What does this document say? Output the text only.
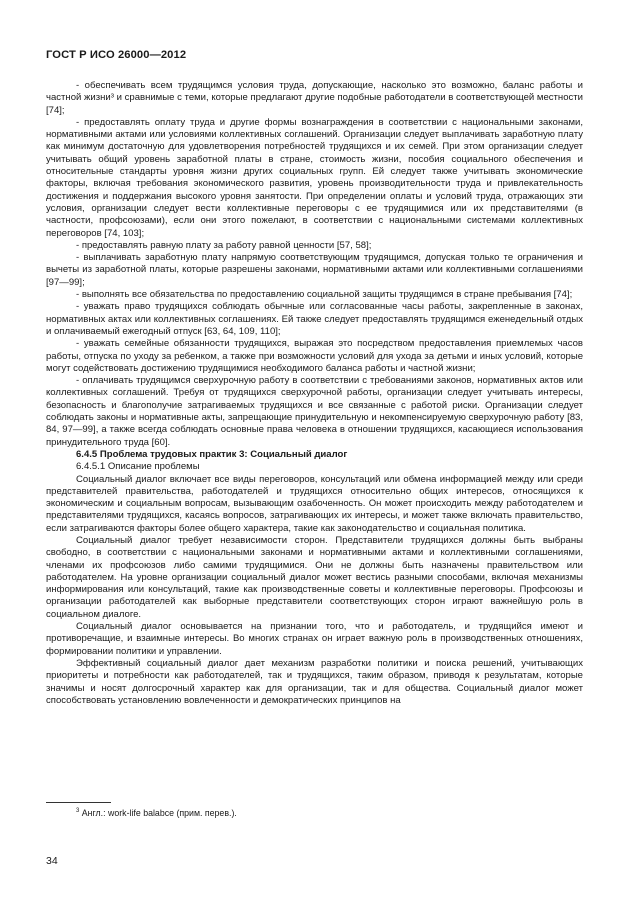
ГОСТ Р ИСО 26000—2012

- обеспечивать всем трудящимся условия труда, допускающие, насколько это возможно, баланс работы и частной жизни³ и сравнимые с теми, которые предлагают другие подобные работодатели в соответствующей местности [74];

- предоставлять оплату труда и другие формы вознаграждения в соответствии с национальными законами, нормативными актами или условиями коллективных соглашений. Организации следует выплачивать заработную плату как минимум достаточную для удовлетворения потребностей трудящихся и их семей. При этом организации следует учитывать общий уровень заработной платы в стране, стоимость жизни, пособия социального обеспечения и относительные стандарты уровня жизни других социальных групп. Ей следует также учитывать экономические факторы, включая требования экономического развития, уровень производительности труда и привлекательность достижения и поддержания высокого уровня занятости. При определении оплаты и условий труда, отражающих эти условия, организации следует вести коллективные переговоры с ее трудящимися или их представителями (в частности, профсоюзами), если они этого пожелают, в соответствии с национальными системами коллективных переговоров [74, 103];

- предоставлять равную плату за работу равной ценности [57, 58];

- выплачивать заработную плату напрямую соответствующим трудящимся, допуская только те ограничения и вычеты из заработной платы, которые разрешены законами, нормативными актами или коллективными соглашениями [97—99];

- выполнять все обязательства по предоставлению социальной защиты трудящимся в стране пребывания [74];

- уважать право трудящихся соблюдать обычные или согласованные часы работы, закрепленные в законах, нормативных актах или коллективных соглашениях. Ей также следует предоставлять трудящимся еженедельный отдых и оплачиваемый ежегодный отпуск [63, 64, 109, 110];

- уважать семейные обязанности трудящихся, выражая это посредством предоставления приемлемых часов работы, отпуска по уходу за ребенком, а также при возможности условий для ухода за детьми и иных условий, которые могут содействовать достижению трудящимися необходимого баланса работы и частной жизни;

- оплачивать трудящимся сверхурочную работу в соответствии с требованиями законов, нормативных актов или коллективных соглашений. Требуя от трудящихся сверхурочной работы, организации следует учитывать интересы, безопасность и благополучие затрагиваемых трудящихся и все связанные с работой риски. Организации следует соблюдать законы и нормативные акты, запрещающие принудительную и некомпенсируемую сверхурочную работу [83, 84, 97—99], а также всегда соблюдать основные права человека в отношении трудящихся, касающиеся использования принудительного труда [60].

6.4.5 Проблема трудовых практик 3: Социальный диалог

6.4.5.1 Описание проблемы

Социальный диалог включает все виды переговоров, консультаций или обмена информацией между или среди представителей правительства, работодателей и трудящихся относительно общих интересов, относящихся к экономическим и социальным вопросам, вызывающим озабоченность. Он может происходить между работодателем и представителями трудящихся, касаясь вопросов, затрагивающих их интересы, и может также включать правительство, если затрагиваются факторы более общего характера, такие как законодательство и социальная политика.

Социальный диалог требует независимости сторон. Представители трудящихся должны быть выбраны свободно, в соответствии с национальными законами и нормативными актами и коллективными соглашениями, членами их профсоюзов либо самими трудящимися. Они не должны быть назначены правительством или работодателем. На уровне организации социальный диалог может вестись разными способами, включая механизмы информирования или консультаций, такие как производственные советы и коллективные переговоры. Профсоюзы и организации работодателей как выборные представители соответствующих сторон играют важнейшую роль в социальном диалоге.

Социальный диалог основывается на признании того, что и работодатель, и трудящийся имеют и противоречащие, и взаимные интересы. Во многих странах он играет важную роль в производственных отношениях, формировании политики и управлении.

Эффективный социальный диалог дает механизм разработки политики и поиска решений, учитывающих приоритеты и потребности как работодателей, так и трудящихся, таким образом, приводя к результатам, которые значимы и носят долгосрочный характер как для организации, так и для общества. Социальный диалог может способствовать установлению вовлеченности и демократических принципов на

$^3$ Англ.: work-life balabce (прим. перев.).
34
